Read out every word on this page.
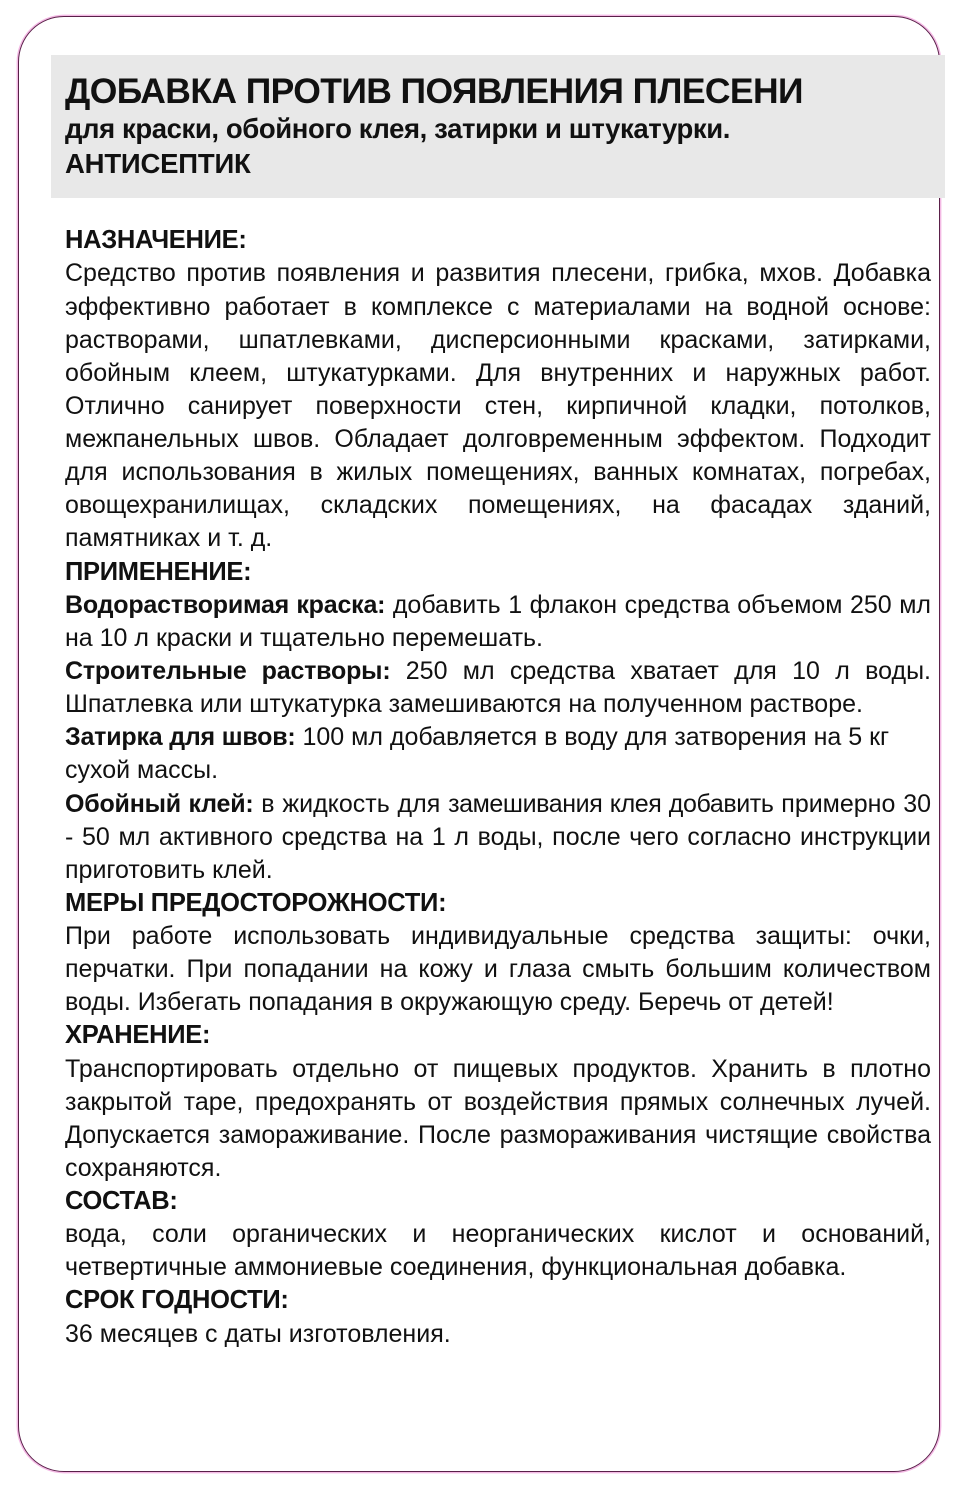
ДОБАВКА ПРОТИВ ПОЯВЛЕНИЯ ПЛЕСЕНИ
для краски, обойного клея, затирки и штукатурки.
АНТИСЕПТИК
НАЗНАЧЕНИЕ:

Средство против появления и развития плесени, грибка, мхов. Добавка эффективно работает в комплексе с материалами на водной основе: растворами, шпатлевками, дисперсионными красками, затирками, обойным клеем, штукатурками. Для внутренних и наружных работ. Отлично санирует поверхности стен, кирпичной кладки, потолков, межпанельных швов. Обладает долговременным эффектом. Подходит для использования в жилых помещениях, ванных комнатах, погребах, овощехранилищах, складских помещениях, на фасадах зданий, памятниках и т. д.

ПРИМЕНЕНИЕ:

Водорастворимая краска: добавить 1 флакон средства объемом 250 мл на 10 л краски и тщательно перемешать.

Строительные растворы: 250 мл средства хватает для 10 л воды. Шпатлевка или штукатурка замешиваются на полученном растворе.

Затирка для швов: 100 мл добавляется в воду для затворения на 5 кг сухой массы.

Обойный клей: в жидкость для замешивания клея добавить примерно 30 - 50 мл активного средства на 1 л воды, после чего согласно инструкции приготовить клей.

МЕРЫ ПРЕДОСТОРОЖНОСТИ:

При работе использовать индивидуальные средства защиты: очки, перчатки. При попадании на кожу и глаза смыть большим количеством воды. Избегать попадания в окружающую среду. Беречь от детей!

ХРАНЕНИЕ:

Транспортировать отдельно от пищевых продуктов. Хранить в плотно закрытой таре, предохранять от воздействия прямых солнечных лучей. Допускается замораживание. После размораживания чистящие свойства сохраняются.

СОСТАВ:

вода, соли органических и неорганических кислот и оснований, четвертичные аммониевые соединения, функциональная добавка.

СРОК ГОДНОСТИ:

36 месяцев с даты изготовления.
